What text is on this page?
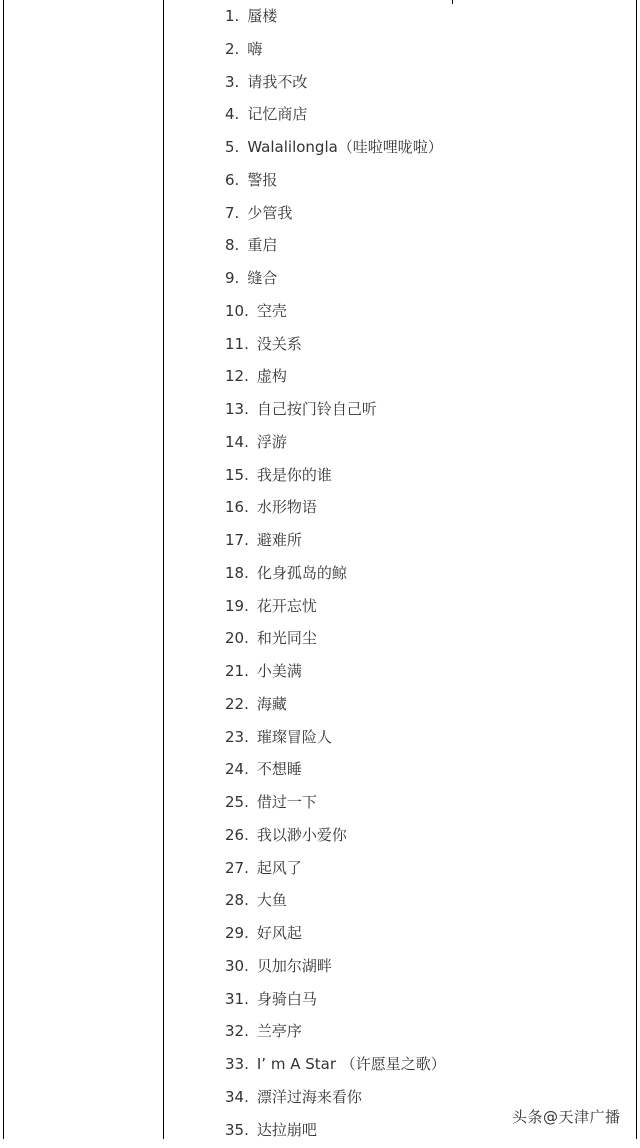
1. 蜃楼
2. 嗨
3. 请我不改
4. 记忆商店
5. Walalilongla（哇啦哩咙啦）
6. 警报
7. 少管我
8. 重启
9. 缝合
10. 空壳
11. 没关系
12. 虚构
13. 自己按门铃自己听
14. 浮游
15. 我是你的谁
16. 水形物语
17. 避难所
18. 化身孤岛的鲸
19. 花开忘忧
20. 和光同尘
21. 小美满
22. 海藏
23. 璀璨冒险人
24. 不想睡
25. 借过一下
26. 我以渺小爱你
27. 起风了
28. 大鱼
29. 好风起
30. 贝加尔湖畔
31. 身骑白马
32. 兰亭序
33. I’ m A Star （许愿星之歌）
34. 漂洋过海来看你
35. 达拉崩吧
头条@天津广播
